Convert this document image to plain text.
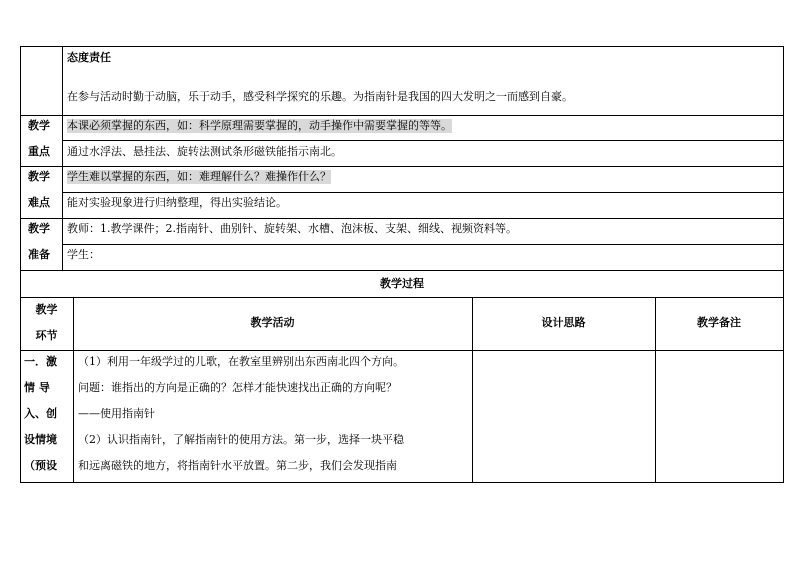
态度责任
在参与活动时勤于动脑，乐于动手，感受科学探究的乐趣。为指南针是我国的四大发明之一而感到自豪。
教学
重点
本课必须掌握的东西，如：科学原理需要掌握的，动手操作中需要掌握的等等。
通过水浮法、悬挂法、旋转法测试条形磁铁能指示南北。
教学
难点
学生难以掌握的东西，如：难理解什么？难操作什么？
能对实验现象进行归纳整理，得出实验结论。
教学
准备
教师：1.教学课件；2.指南针、曲别针、旋转架、水槽、泡沫板、支架、细线、视频资料等。
学生：
教学过程
教学
环节
教学活动	设计思路	教学备注
一．激
情 导
入、创
设情境
（预设
（1）利用一年级学过的儿歌，在教室里辨别出东西南北四个方向。
问题：谁指出的方向是正确的？怎样才能快速找出正确的方向呢？
——使用指南针
（2）认识指南针，了解指南针的使用方法。第一步，选择一块平稳
和远离磁铁的地方，将指南针水平放置。第二步，我们会发现指南
